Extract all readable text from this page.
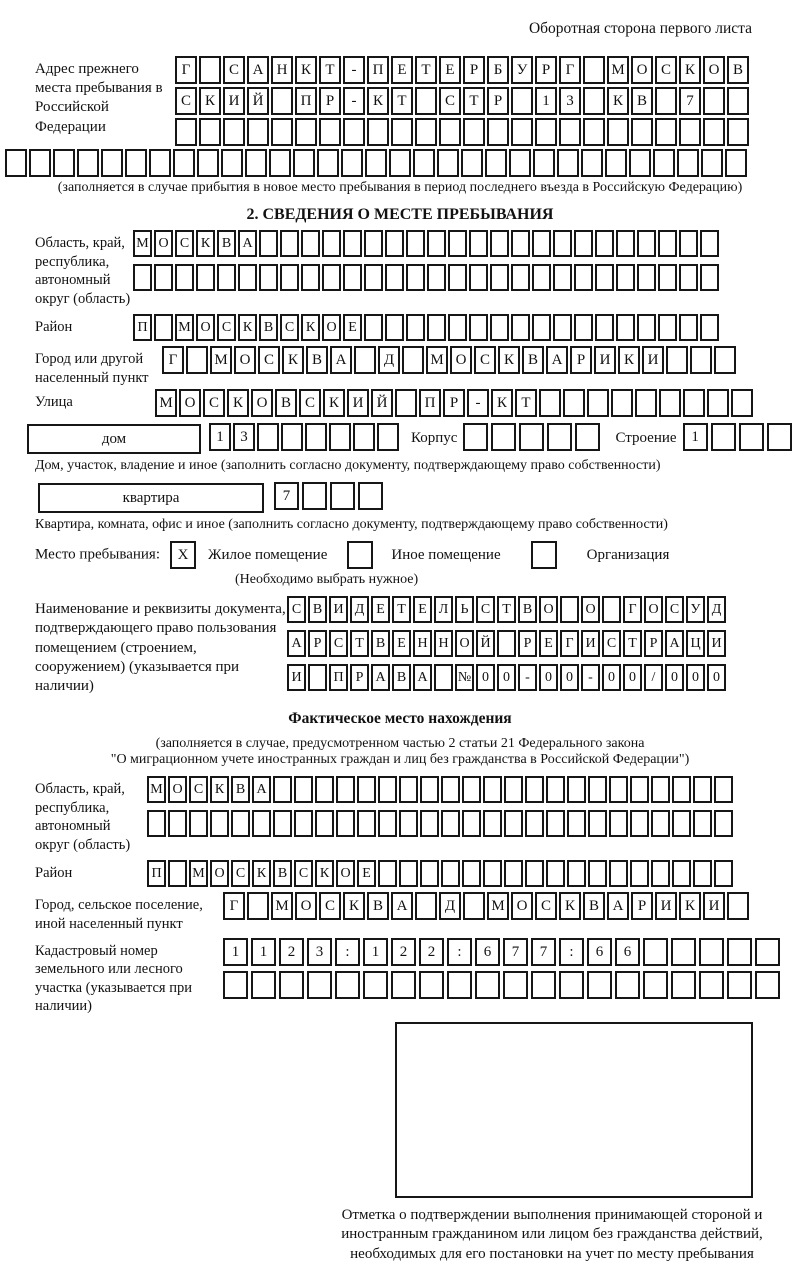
Оборотная сторона первого листа
Адрес прежнего места пребывания в Российской Федерации
Г	С А Н К Т	-	П Е Т Е	Р	Б У Р	Г	М О С К О В
С К И Й	П Р	-	К Т	С Т	Р	1	3	К В	7
(заполняется в случае прибытия в новое место пребывания в период последнего въезда в Российскую Федерацию)
2. СВЕДЕНИЯ О МЕСТЕ ПРЕБЫВАНИЯ
Область, край, республика, автономный округ (область)
М О С К В А
Район	П	М О С К В С К О Е
Город или другой населенный пункт
Г	М О С К В А	Д	М О С К В А Р И К И
Улица	М О С К О В С К И Й	П Р	-	К Т
дом	1	3	Корпус	Строение 1
Дом, участок, владение и иное (заполнить согласно документу, подтверждающему право собственности)
квартира	7
Квартира, комната, офис и иное (заполнить согласно документу, подтверждающему право собственности)
Место пребывания: X Жилое помещение	Иное помещение	Организация
(Необходимо выбрать нужное)
Наименование и реквизиты документа, подтверждающего право пользования помещением (строением, сооружением) (указывается при наличии)
С В И Д Е Т Е Л Ь С Т В О	О	Г О С У Д
А Р С Т В Е Н Н О Й	Р Е Г И С Т Р А Ц И
И	П Р А В А	№ 0	0	-	0	0	-	0	0	/	0	0	0
Фактическое место нахождения
(заполняется в случае, предусмотренном частью 2 статьи 21 Федерального закона
"О миграционном учете иностранных граждан и лиц без гражданства в Российской Федерации")
Область, край, республика, автономный округ (область)
М О С К В А
Район	П	М О С К В С К О Е
Город, сельское поселение, иной населенный пункт
Г	М О С К В А	Д	М О С К В А Р И К И
Кадастровый номер земельного или лесного участка (указывается при наличии)
1	1	2	3	:	1	2	2	:	6	7	7	:	6	6
Отметка о подтверждении выполнения принимающей стороной и иностранным гражданином или лицом без гражданства действий, необходимых для его постановки на учет по месту пребывания
